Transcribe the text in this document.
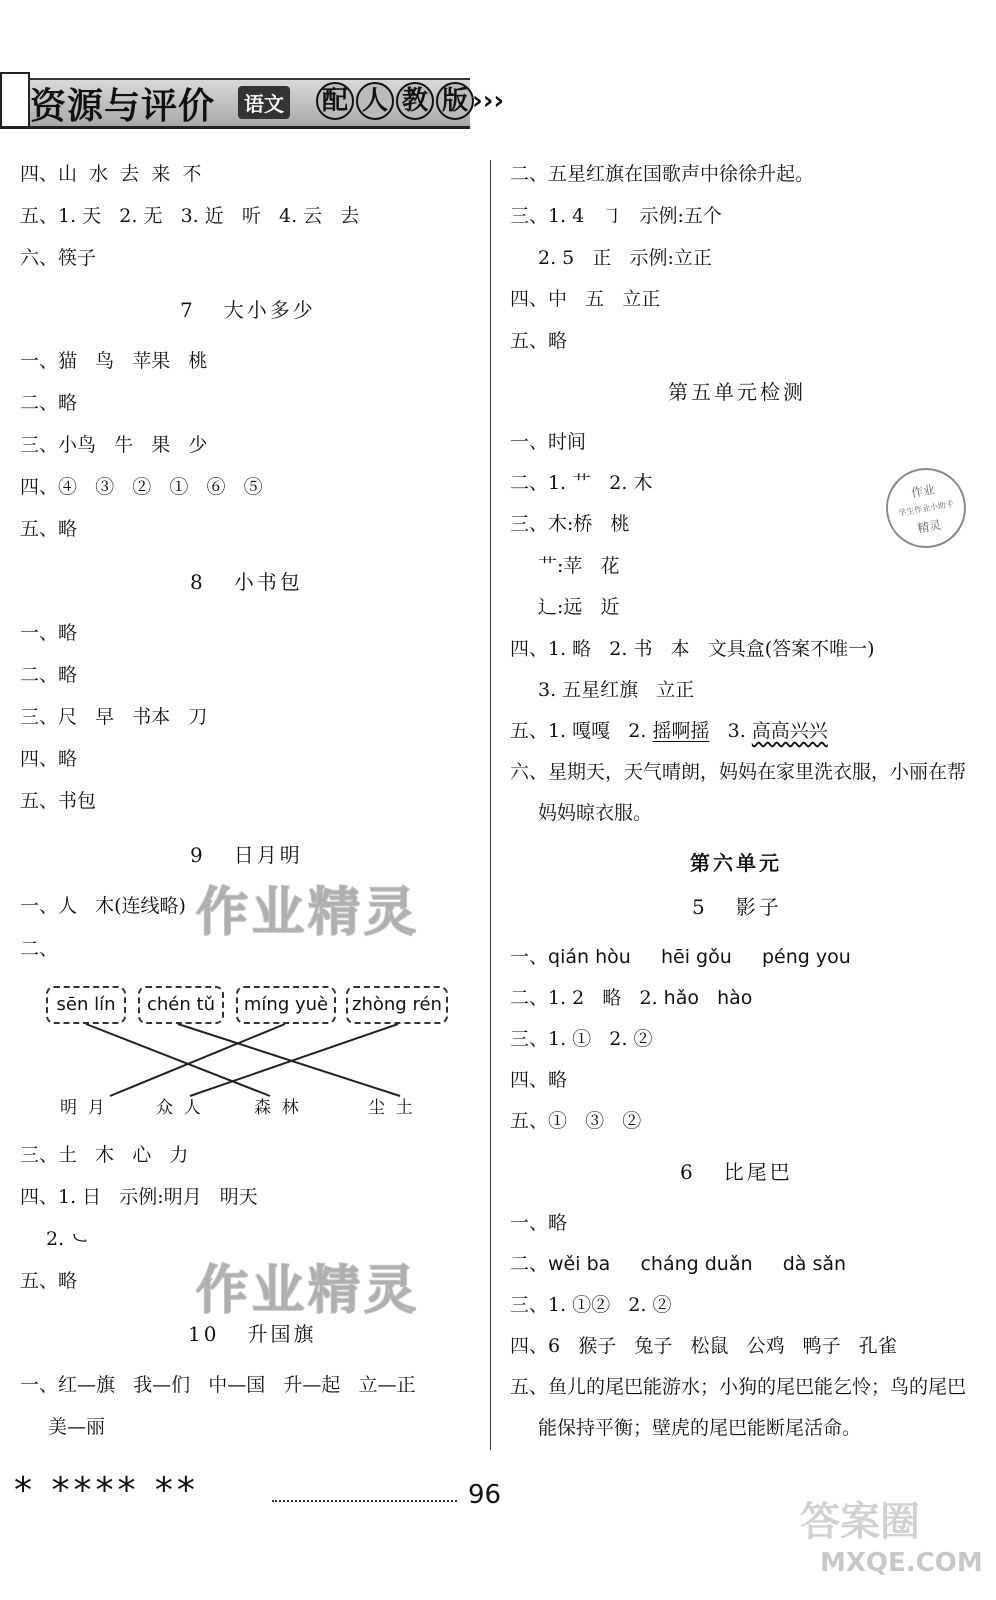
资源与评价	语文 配 人 教 版 ›››
四、山  水  去  来  不
五、1. 天   2. 无   3. 近   听   4. 云   去
六、筷子
7   大小多少
一、猫   鸟   苹果   桃
二、略
三、小鸟   牛   果   少
四、④   ③   ②   ①   ⑥   ⑤
五、略
8   小书包
一、略
二、略
三、尺   早   书本   刀
四、略
五、书包
9   日月明
一、人   木(连线略)
二、
sēn lín	chén tǔ	míng yuè	zhòng rén
明  月	众  人	森  林	尘  土
三、土   木   心   力
四、1. 日   示例:明月   明天
2. ㇃
五、略
10   升国旗
一、红—旗   我—们   中—国   升—起   立—正
美—丽
作业精灵
作业精灵
二、五星红旗在国歌声中徐徐升起。
三、1. 4   ㇆   示例:五个
2. 5   正   示例:立正
四、中   五   立正
五、略
第五单元检测
一、时间
二、1. 艹   2. 木
三、木:桥   桃
艹:苹   花
辶:远   近
四、1. 略   2. 书   本   文具盒(答案不唯一)
3. 五星红旗   立正
五、1. 嘎嘎   2. 摇啊摇   3. 高高兴兴
六、星期天，天气晴朗，妈妈在家里洗衣服，小丽在帮
妈妈晾衣服。
第六单元
5   影子
一、qián hòu     hēi gǒu     péng you
二、1. 2   略   2. hǎo   hào
三、1. ①   2. ②
四、略
五、①   ③   ②
6   比尾巴
一、略
二、wěi ba     cháng duǎn     dà sǎn
三、1. ①②   2. ②
四、6   猴子   兔子   松鼠   公鸡   鸭子   孔雀
五、鱼儿的尾巴能游水；小狗的尾巴能乞怜；鸟的尾巴
能保持平衡；壁虎的尾巴能断尾活命。
作业
学生作业小助手
精灵
* **** **	96
答案圈
MXQE.COM
